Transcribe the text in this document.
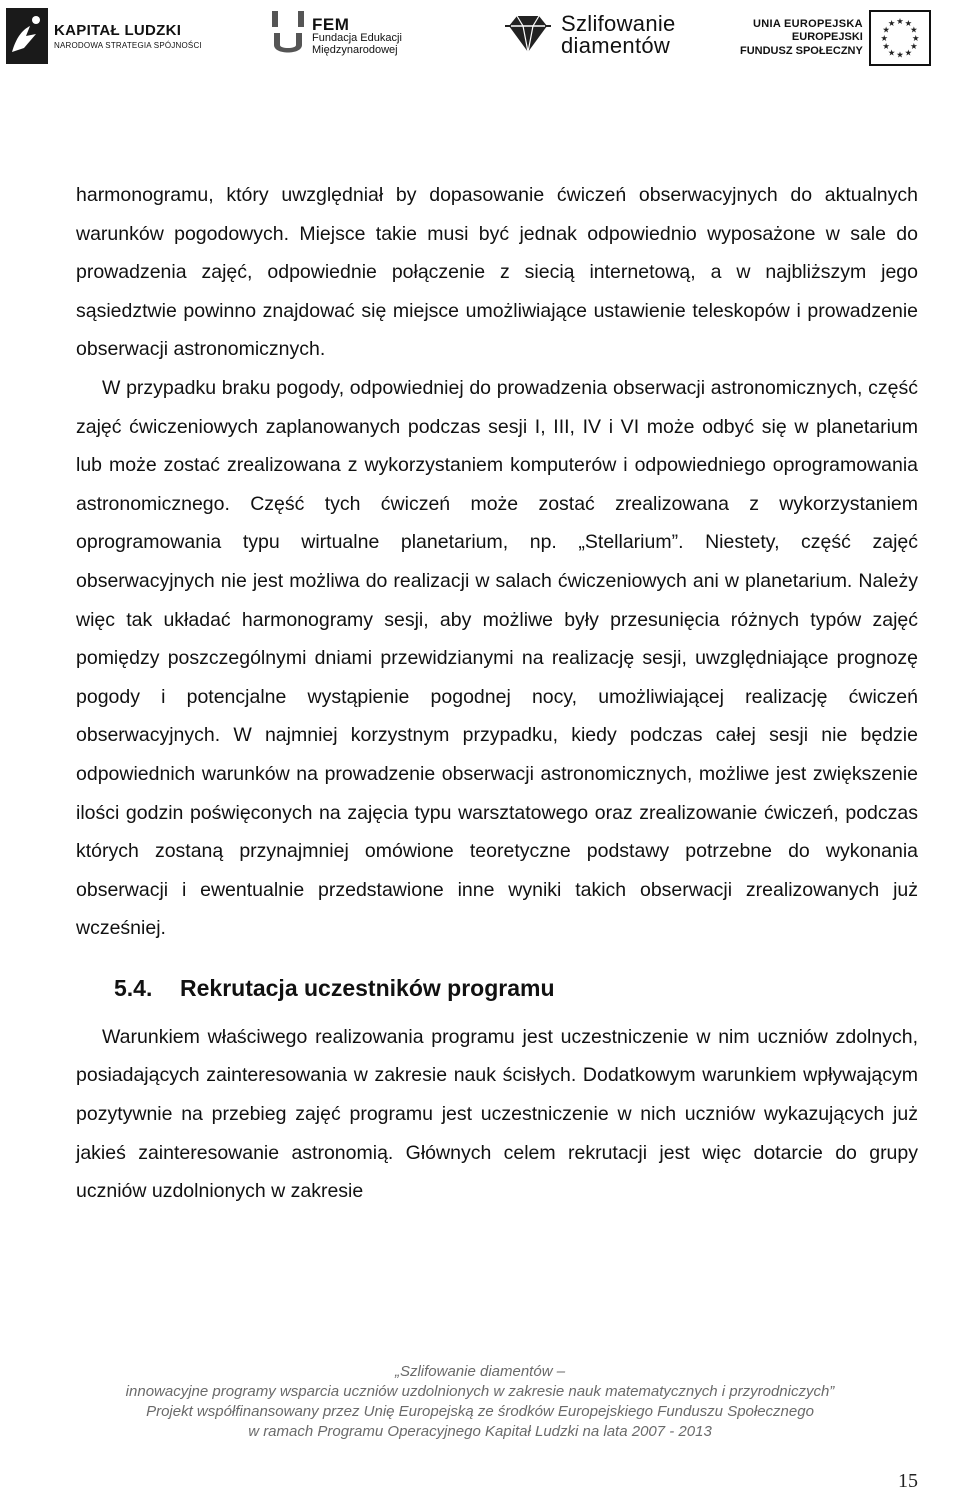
KAPITAŁ LUDZKI
NARODOWA STRATEGIA SPÓJNOŚCI
FEM
Fundacja Edukacji
Międzynarodowej
Szlifowanie
diamentów
UNIA EUROPEJSKA
EUROPEJSKI
FUNDUSZ SPOŁECZNY
★ ★
★
★
★
★
★
★
★
★
★
★

harmonogramu, który uwzględniał by dopasowanie ćwiczeń obserwacyjnych do aktualnych warunków pogodowych. Miejsce takie musi być jednak odpowiednio wyposażone w sale do prowadzenia zajęć, odpowiednie połączenie z siecią internetową, a w najbliższym jego sąsiedztwie powinno znajdować się miejsce umożliwiające ustawienie teleskopów i prowadzenie obserwacji astronomicznych.

W przypadku braku pogody, odpowiedniej do prowadzenia obserwacji astronomicznych, część zajęć ćwiczeniowych zaplanowanych podczas sesji I, III, IV i VI może odbyć się w planetarium lub może zostać zrealizowana z wykorzystaniem komputerów i odpowiedniego oprogramowania astronomicznego. Część tych ćwiczeń może zostać zrealizowana z wykorzystaniem oprogramowania typu wirtualne planetarium, np. „Stellarium”. Niestety, część zajęć obserwacyjnych nie jest możliwa do realizacji w salach ćwiczeniowych ani w planetarium. Należy więc tak układać harmonogramy sesji, aby możliwe były przesunięcia różnych typów zajęć pomiędzy poszczególnymi dniami przewidzianymi na realizację sesji, uwzględniające prognozę pogody i potencjalne wystąpienie pogodnej nocy, umożliwiającej realizację ćwiczeń obserwacyjnych. W najmniej korzystnym przypadku, kiedy podczas całej sesji nie będzie odpowiednich warunków na prowadzenie obserwacji astronomicznych, możliwe jest zwiększenie ilości godzin poświęconych na zajęcia typu warsztatowego oraz zrealizowanie ćwiczeń, podczas których zostaną przynajmniej omówione teoretyczne podstawy potrzebne do wykonania obserwacji i ewentualnie przedstawione inne wyniki takich obserwacji zrealizowanych już wcześniej.

5.4. Rekrutacja uczestników programu

Warunkiem właściwego realizowania programu jest uczestniczenie w nim uczniów zdolnych, posiadających zainteresowania w zakresie nauk ścisłych. Dodatkowym warunkiem wpływającym pozytywnie na przebieg zajęć programu jest uczestniczenie w nich uczniów wykazujących już jakieś zainteresowanie astronomią. Głównych celem rekrutacji jest więc dotarcie do grupy uczniów uzdolnionych w zakresie

„Szlifowanie diamentów –
innowacyjne programy wsparcia uczniów uzdolnionych w zakresie nauk matematycznych i przyrodniczych”
Projekt współfinansowany przez Unię Europejską ze środków Europejskiego Funduszu Społecznego
w ramach Programu Operacyjnego Kapitał Ludzki na lata 2007 - 2013
15
